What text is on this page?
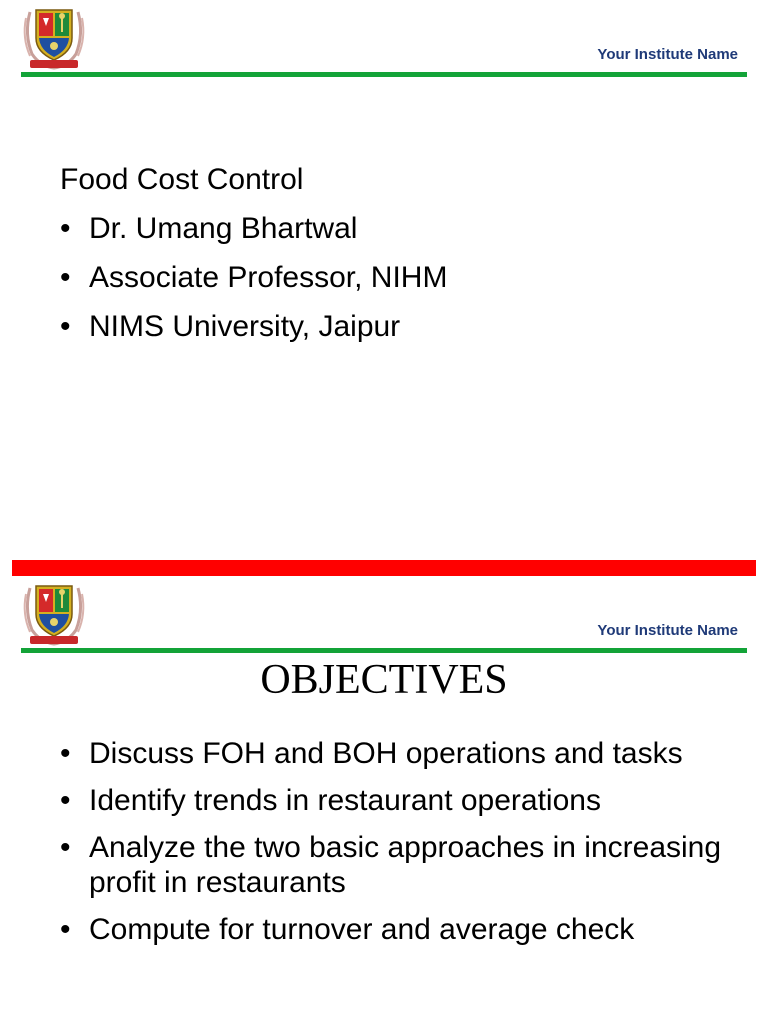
Your Institute Name
Food Cost Control
• Dr. Umang Bhartwal
• Associate Professor, NIHM
• NIMS University, Jaipur
Your Institute Name
OBJECTIVES
• Discuss FOH and BOH operations and tasks
• Identify trends in restaurant operations
• Analyze the two basic approaches in increasing profit in restaurants
• Compute for turnover and average check
